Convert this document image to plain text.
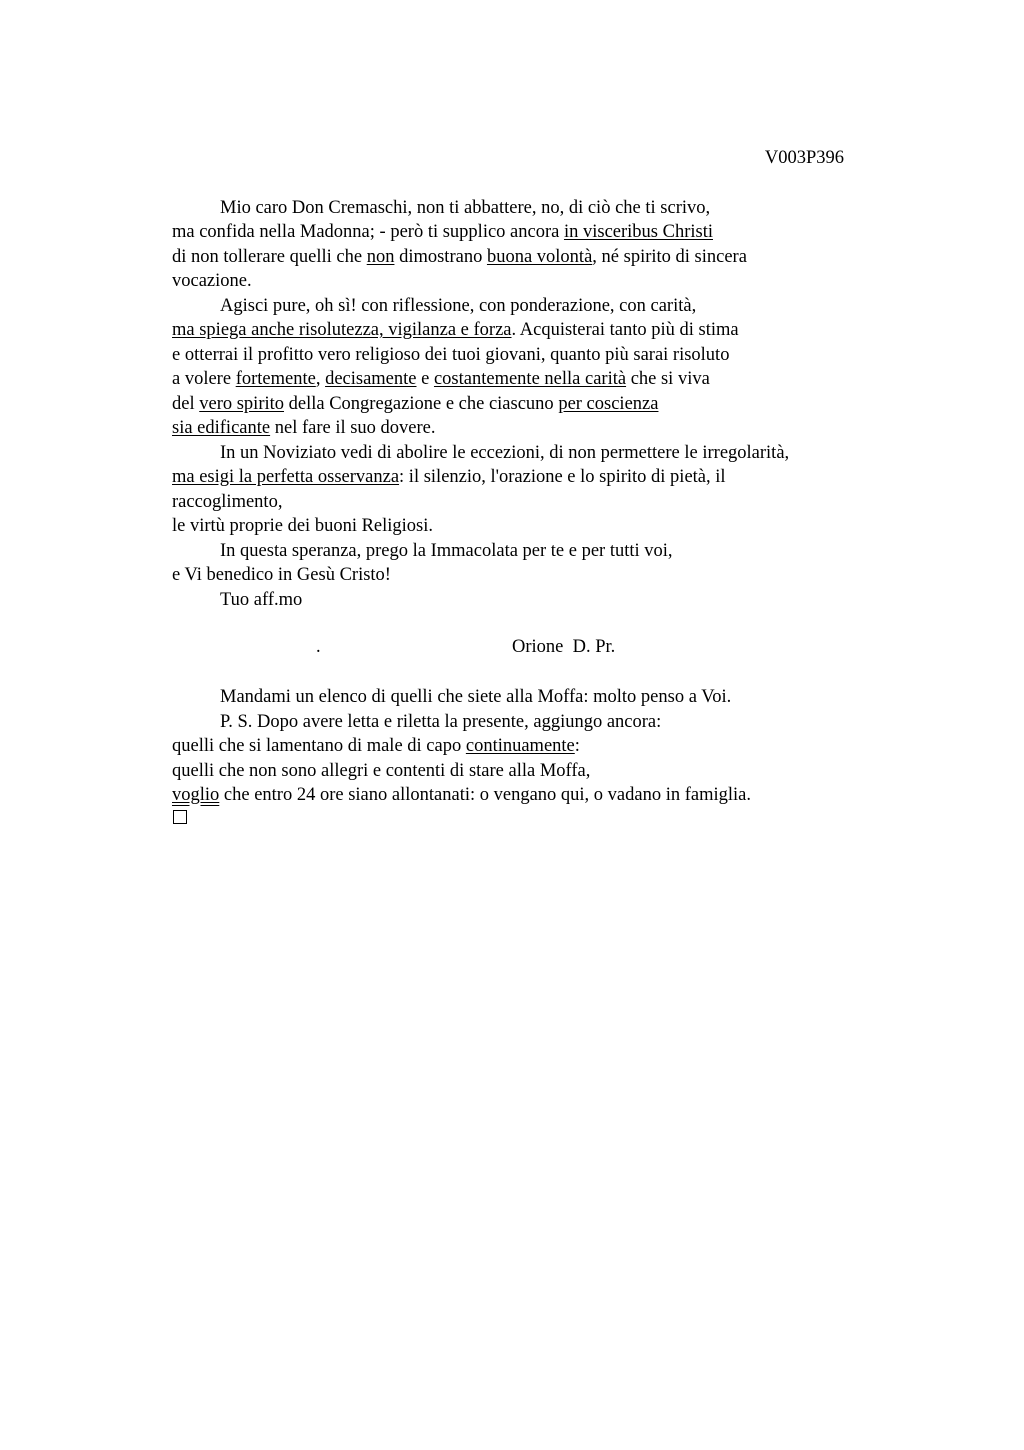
V003P396
Mio caro Don Cremaschi, non ti abbattere, no, di ciò che ti scrivo,
ma confida nella Madonna; - però ti supplico ancora in visceribus Christi
di non tollerare quelli che non dimostrano buona volontà, né spirito di sincera
vocazione.
Agisci pure, oh sì! con riflessione, con ponderazione, con carità,
ma spiega anche risolutezza, vigilanza e forza. Acquisterai tanto più di stima
e otterrai il profitto vero religioso dei tuoi giovani, quanto più sarai risoluto
a volere fortemente, decisamente e costantemente nella carità che si viva
del vero spirito della Congregazione e che ciascuno per coscienza
sia edificante nel fare il suo dovere.
In un Noviziato vedi di abolire le eccezioni, di non permettere le irregolarità,
ma esigi la perfetta osservanza: il silenzio, l'orazione e lo spirito di pietà, il
raccoglimento,
le virtù proprie dei buoni Religiosi.
In questa speranza, prego la Immacolata per te e per tutti voi,
e Vi benedico in Gesù Cristo!
Tuo aff.mo
.	Orione  D. Pr.
Mandami un elenco di quelli che siete alla Moffa: molto penso a Voi.
P. S. Dopo avere letta e riletta la presente, aggiungo ancora:
quelli che si lamentano di male di capo continuamente:
quelli che non sono allegri e contenti di stare alla Moffa,
voglio che entro 24 ore siano allontanati: o vengano qui, o vadano in famiglia.
